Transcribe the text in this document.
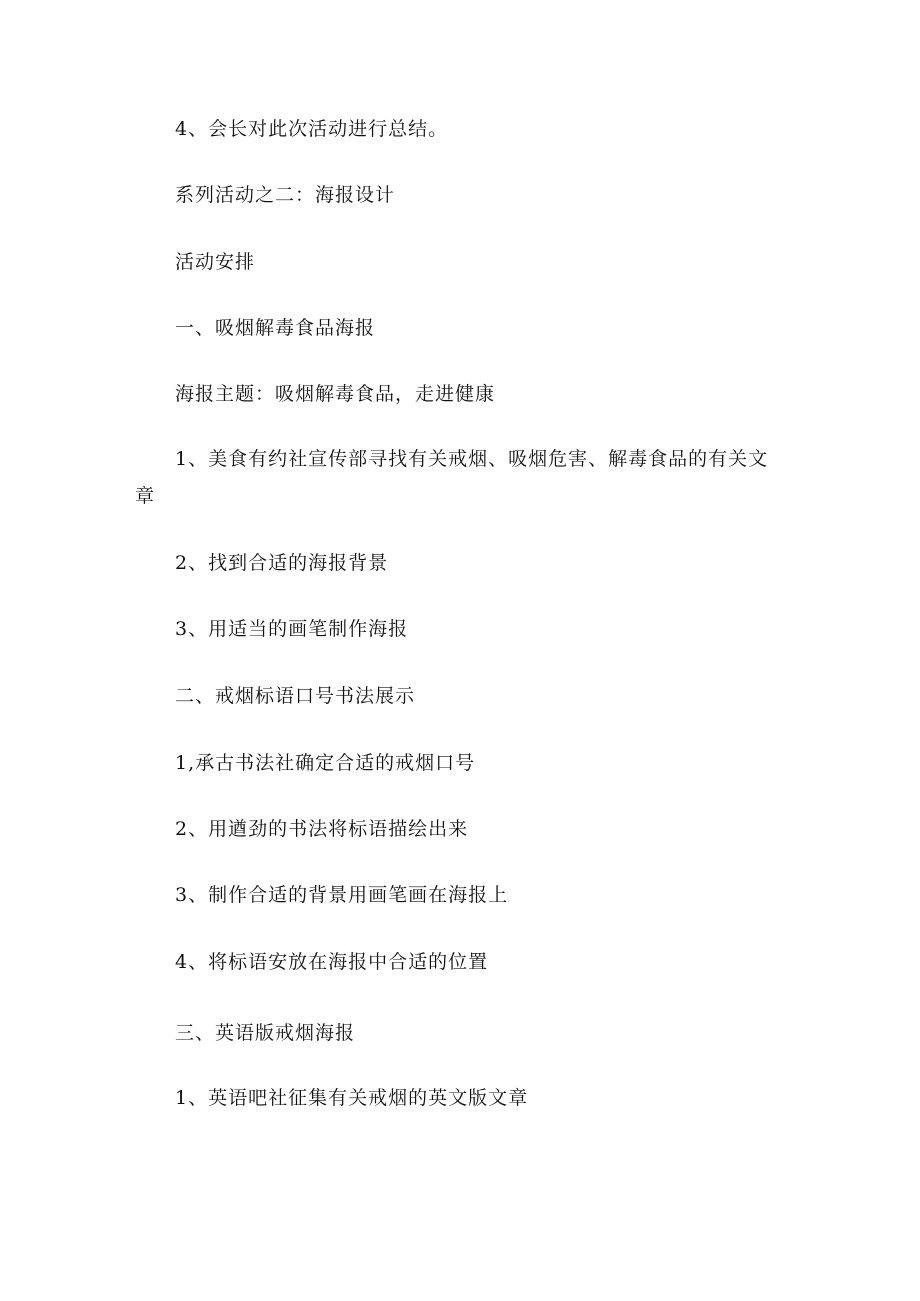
4、会长对此次活动进行总结。
系列活动之二：海报设计
活动安排
一、吸烟解毒食品海报
海报主题：吸烟解毒食品，走进健康
1、美食有约社宣传部寻找有关戒烟、吸烟危害、解毒食品的有关文章
2、找到合适的海报背景
3、用适当的画笔制作海报
二、戒烟标语口号书法展示
1,承古书法社确定合适的戒烟口号
2、用遒劲的书法将标语描绘出来
3、制作合适的背景用画笔画在海报上
4、将标语安放在海报中合适的位置
三、英语版戒烟海报
1、英语吧社征集有关戒烟的英文版文章
